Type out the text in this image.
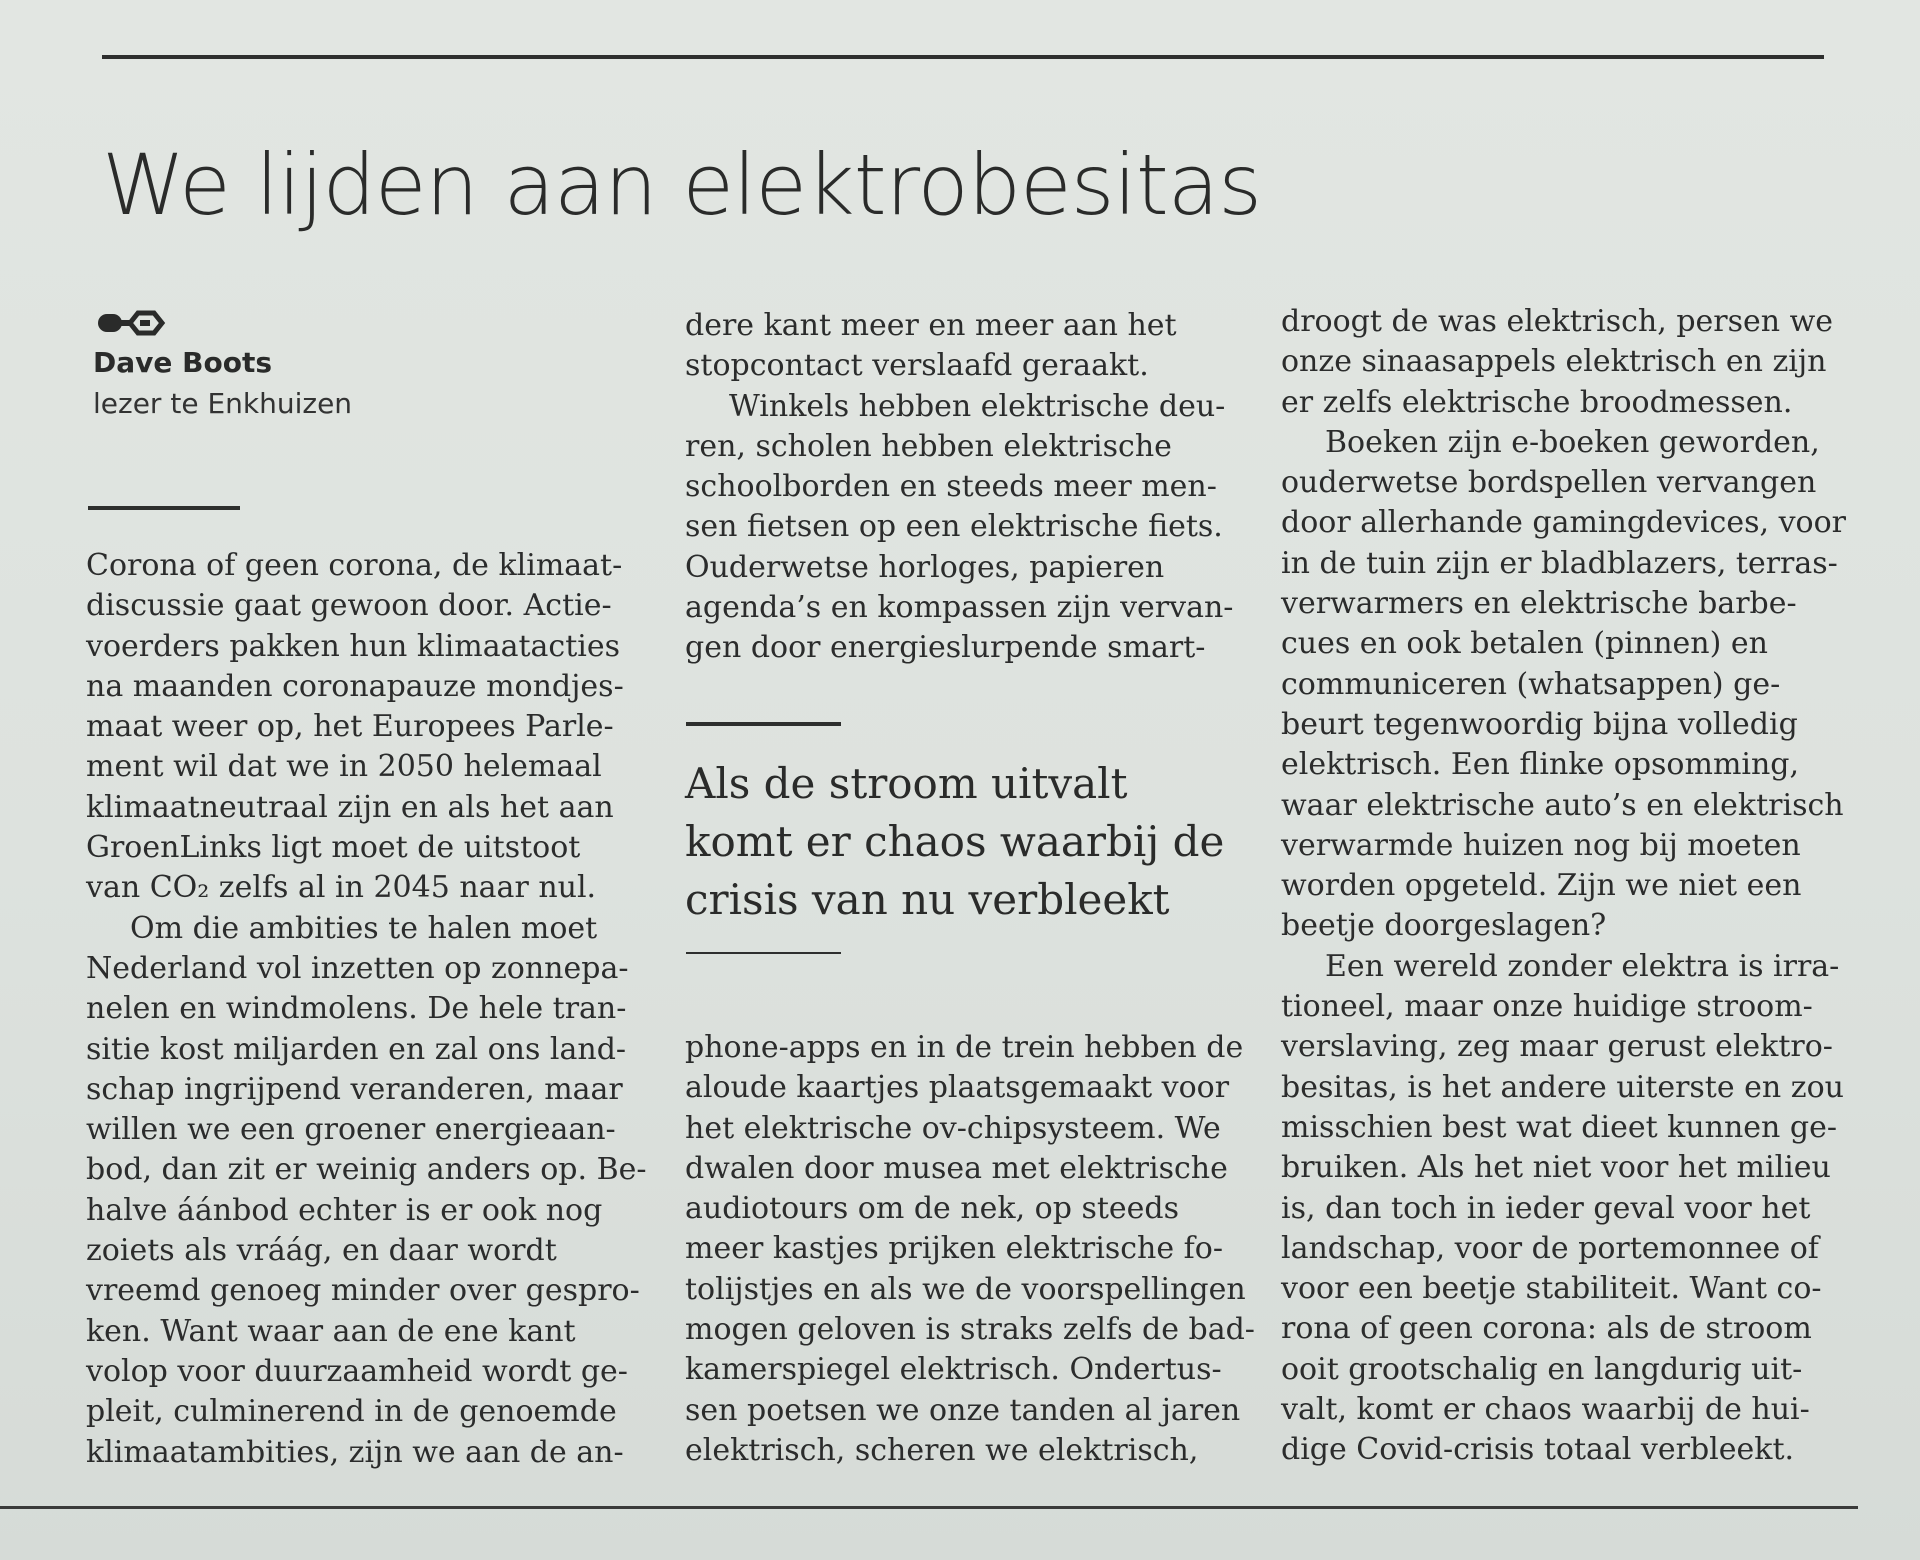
We lijden aan elektrobesitas
Dave Boots
lezer te Enkhuizen

Corona of geen corona, de klimaat-

discussie gaat gewoon door. Actie-

voerders pakken hun klimaatacties

na maanden coronapauze mondjes-

maat weer op, het Europees Parle-

ment wil dat we in 2050 helemaal

klimaatneutraal zijn en als het aan

GroenLinks ligt moet de uitstoot

van CO₂ zelfs al in 2045 naar nul.

Om die ambities te halen moet

Nederland vol inzetten op zonnepa-

nelen en windmolens. De hele tran-

sitie kost miljarden en zal ons land-

schap ingrijpend veranderen, maar

willen we een groener energieaan-

bod, dan zit er weinig anders op. Be-

halve áánbod echter is er ook nog

zoiets als vráág, en daar wordt

vreemd genoeg minder over gespro-

ken. Want waar aan de ene kant

volop voor duurzaamheid wordt ge-

pleit, culminerend in de genoemde

klimaatambities, zijn we aan de an-

dere kant meer en meer aan het

stopcontact verslaafd geraakt.

Winkels hebben elektrische deu-

ren, scholen hebben elektrische

schoolborden en steeds meer men-

sen fietsen op een elektrische fiets.

Ouderwetse horloges, papieren

agenda’s en kompassen zijn vervan-

gen door energieslurpende smart-

Als de stroom uitvalt

komt er chaos waarbij de

crisis van nu verbleekt

phone-apps en in de trein hebben de

aloude kaartjes plaatsgemaakt voor

het elektrische ov-chipsysteem. We

dwalen door musea met elektrische

audiotours om de nek, op steeds

meer kastjes prijken elektrische fo-

tolijstjes en als we de voorspellingen

mogen geloven is straks zelfs de bad-

kamerspiegel elektrisch. Ondertus-

sen poetsen we onze tanden al jaren

elektrisch, scheren we elektrisch,

droogt de was elektrisch, persen we

onze sinaasappels elektrisch en zijn

er zelfs elektrische broodmessen.

Boeken zijn e-boeken geworden,

ouderwetse bordspellen vervangen

door allerhande gamingdevices, voor

in de tuin zijn er bladblazers, terras-

verwarmers en elektrische barbe-

cues en ook betalen (pinnen) en

communiceren (whatsappen) ge-

beurt tegenwoordig bijna volledig

elektrisch. Een flinke opsomming,

waar elektrische auto’s en elektrisch

verwarmde huizen nog bij moeten

worden opgeteld. Zijn we niet een

beetje doorgeslagen?

Een wereld zonder elektra is irra-

tioneel, maar onze huidige stroom-

verslaving, zeg maar gerust elektro-

besitas, is het andere uiterste en zou

misschien best wat dieet kunnen ge-

bruiken. Als het niet voor het milieu

is, dan toch in ieder geval voor het

landschap, voor de portemonnee of

voor een beetje stabiliteit. Want co-

rona of geen corona: als de stroom

ooit grootschalig en langdurig uit-

valt, komt er chaos waarbij de hui-

dige Covid-crisis totaal verbleekt.
